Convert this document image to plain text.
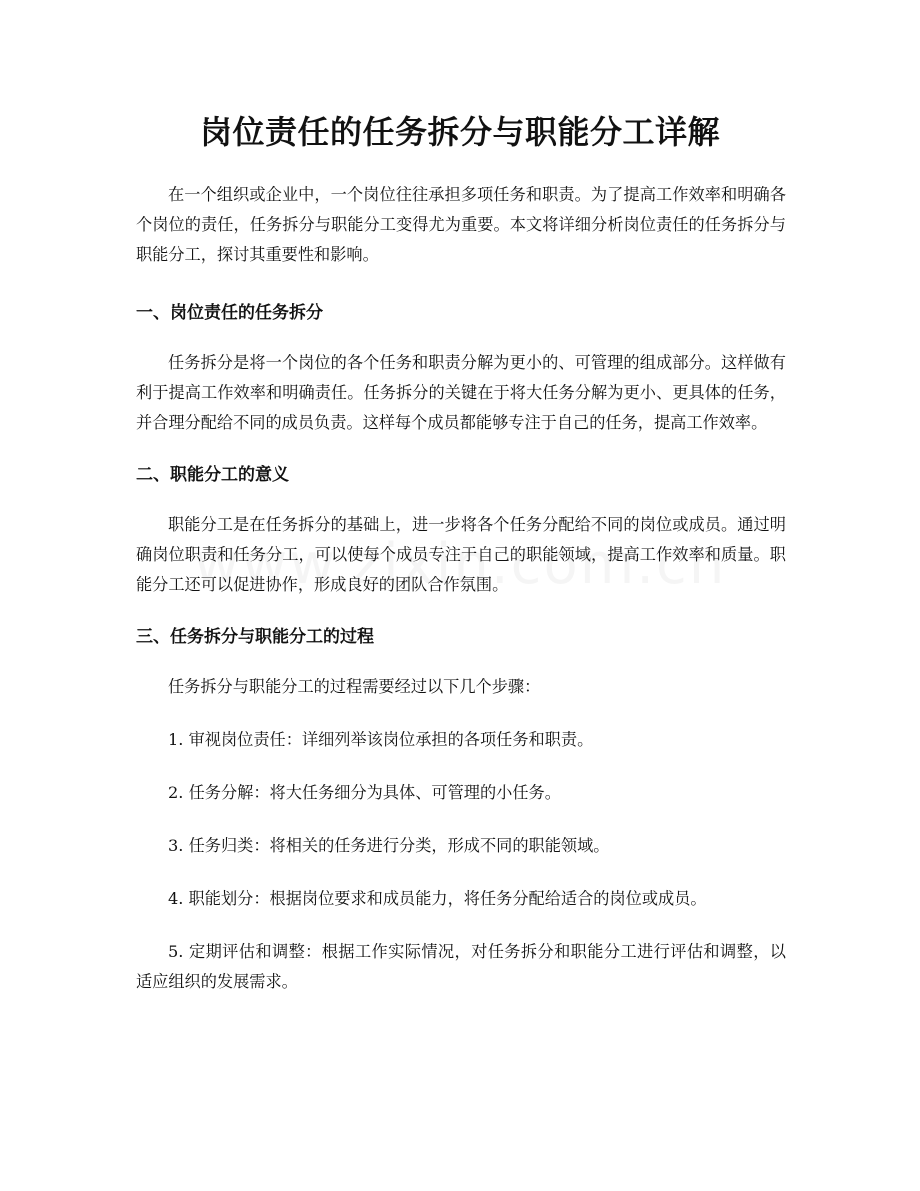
岗位责任的任务拆分与职能分工详解

在一个组织或企业中，一个岗位往往承担多项任务和职责。为了提高工作效率和明确各个岗位的责任，任务拆分与职能分工变得尤为重要。本文将详细分析岗位责任的任务拆分与职能分工，探讨其重要性和影响。

一、岗位责任的任务拆分

任务拆分是将一个岗位的各个任务和职责分解为更小的、可管理的组成部分。这样做有利于提高工作效率和明确责任。任务拆分的关键在于将大任务分解为更小、更具体的任务，并合理分配给不同的成员负责。这样每个成员都能够专注于自己的任务，提高工作效率。

二、职能分工的意义

职能分工是在任务拆分的基础上，进一步将各个任务分配给不同的岗位或成员。通过明确岗位职责和任务分工，可以使每个成员专注于自己的职能领域，提高工作效率和质量。职能分工还可以促进协作，形成良好的团队合作氛围。

三、任务拆分与职能分工的过程

任务拆分与职能分工的过程需要经过以下几个步骤：

1. 审视岗位责任：详细列举该岗位承担的各项任务和职责。

2. 任务分解：将大任务细分为具体、可管理的小任务。

3. 任务归类：将相关的任务进行分类，形成不同的职能领域。

4. 职能划分：根据岗位要求和成员能力，将任务分配给适合的岗位或成员。

5. 定期评估和调整：根据工作实际情况，对任务拆分和职能分工进行评估和调整，以适应组织的发展需求。
